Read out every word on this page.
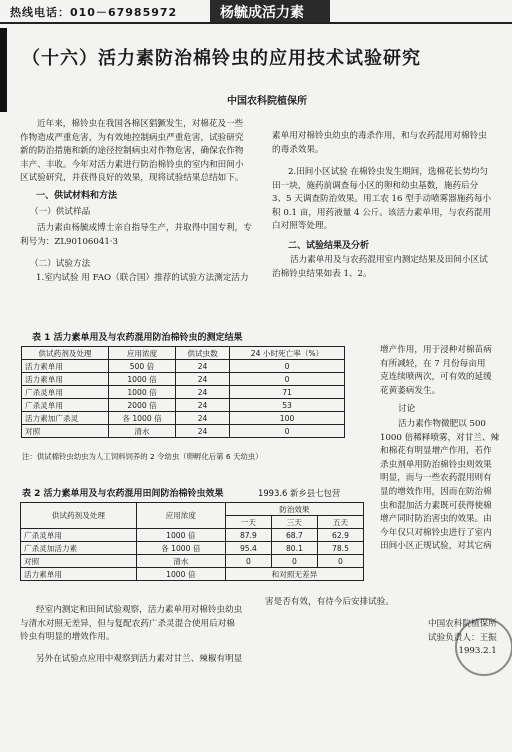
热线电话：010－67985972	杨毓成活力素
（十六）活力素防治棉铃虫的应用技术试验研究
中国农科院植保所
近年来，棉铃虫在我国各棉区猖獗发生，对棉花及一些
作物造成严重危害，为有效地控制病虫严重危害，试验研究
新的防治措施和新的途径控制病虫对作物危害，确保农作物
丰产、丰收。今年对活力素进行防治棉铃虫的室内和田间小
区试验研究，并获得良好的效果，现将试验结果总结如下。
一、供试材料和方法
（一）供试样品
活力素由杨毓成博士亲自指导生产，并取得中国专利，专
利号为：ZL90106041·3
（二）试验方法
1.室内试验 用 FAO（联合国）推荐的试验方法测定活力
素单用对棉铃虫幼虫的毒杀作用，和与农药混用对棉铃虫
的毒杀效果。
2.田间小区试验 在棉铃虫发生期间，选棉花长势均匀
田一块，施药前调查每小区的卵和幼虫基数，施药后分
3、5 天调查防治效果。用工农 16 型手动喷雾器施药每小
积 0.1 亩，用药液量 4 公斤。该活力素单用，与农药混用
白对照等处理。
二、试验结果及分析
活力素单用及与农药混用室内测定结果及田间小区试
治棉铃虫结果如表 1、2。
表 1 活力素单用及与农药混用防治棉铃虫的测定结果
供试药剂及处理	应用浓度	供试虫数	24 小时死亡率（%）
活力素单用	500 倍	24	0
活力素单用	1000 倍	24	0
广杀灵单用	1000 倍	24	71
广杀灵单用	2000 倍	24	53
活力素加广杀灵	各 1000 倍	24	100
对照	清水	24	0
注：供试棉铃虫幼虫为人工饲料饲养的 2 令幼虫（卵孵化后第 6 天幼虫）
增产作用，用于浸种对棉苗病
有所减轻，在 7 月份每亩用
克连续喷两次，可有效的延缓
花黄萎病发生。
讨论
活力素作物微肥以 500
1000 倍稀释喷雾，对甘兰、辣
和棉花有明显增产作用，若作
杀虫剂单用防治棉铃虫则效果
明显，而与一些农药混用则有
显的增效作用，因而在防治棉
虫和混加活力素既可获得使棉
增产同时防治害虫的效果。由
今年仅只对棉铃虫进行了室内
田间小区正规试验，对其它病
表 2 活力素单用及与农药混用田间防治棉铃虫效果	1993.6 新乡县七包营
供试药剂及处理	应用浓度	防治效果		
		一天	三天	五天
广杀灵单用	1000 倍	87.9	68.7	62.9
广杀灵加活力素	各 1000 倍	95.4	80.1	78.5
对照	清水	0	0	0
活力素单用	1000 倍	和对照无差异		
经室内测定和田间试验观察，活力素单用对棉铃虫幼虫
与清水对照无差异，但与复配农药广杀灵混合使用后对棉
铃虫有明显的增效作用。
另外在试验点应用中观察到活力素对甘兰、辣椒有明显
害是否有效，有待今后安排试验。
中国农科院植保所
试验负责人：王振
1993.2.1
